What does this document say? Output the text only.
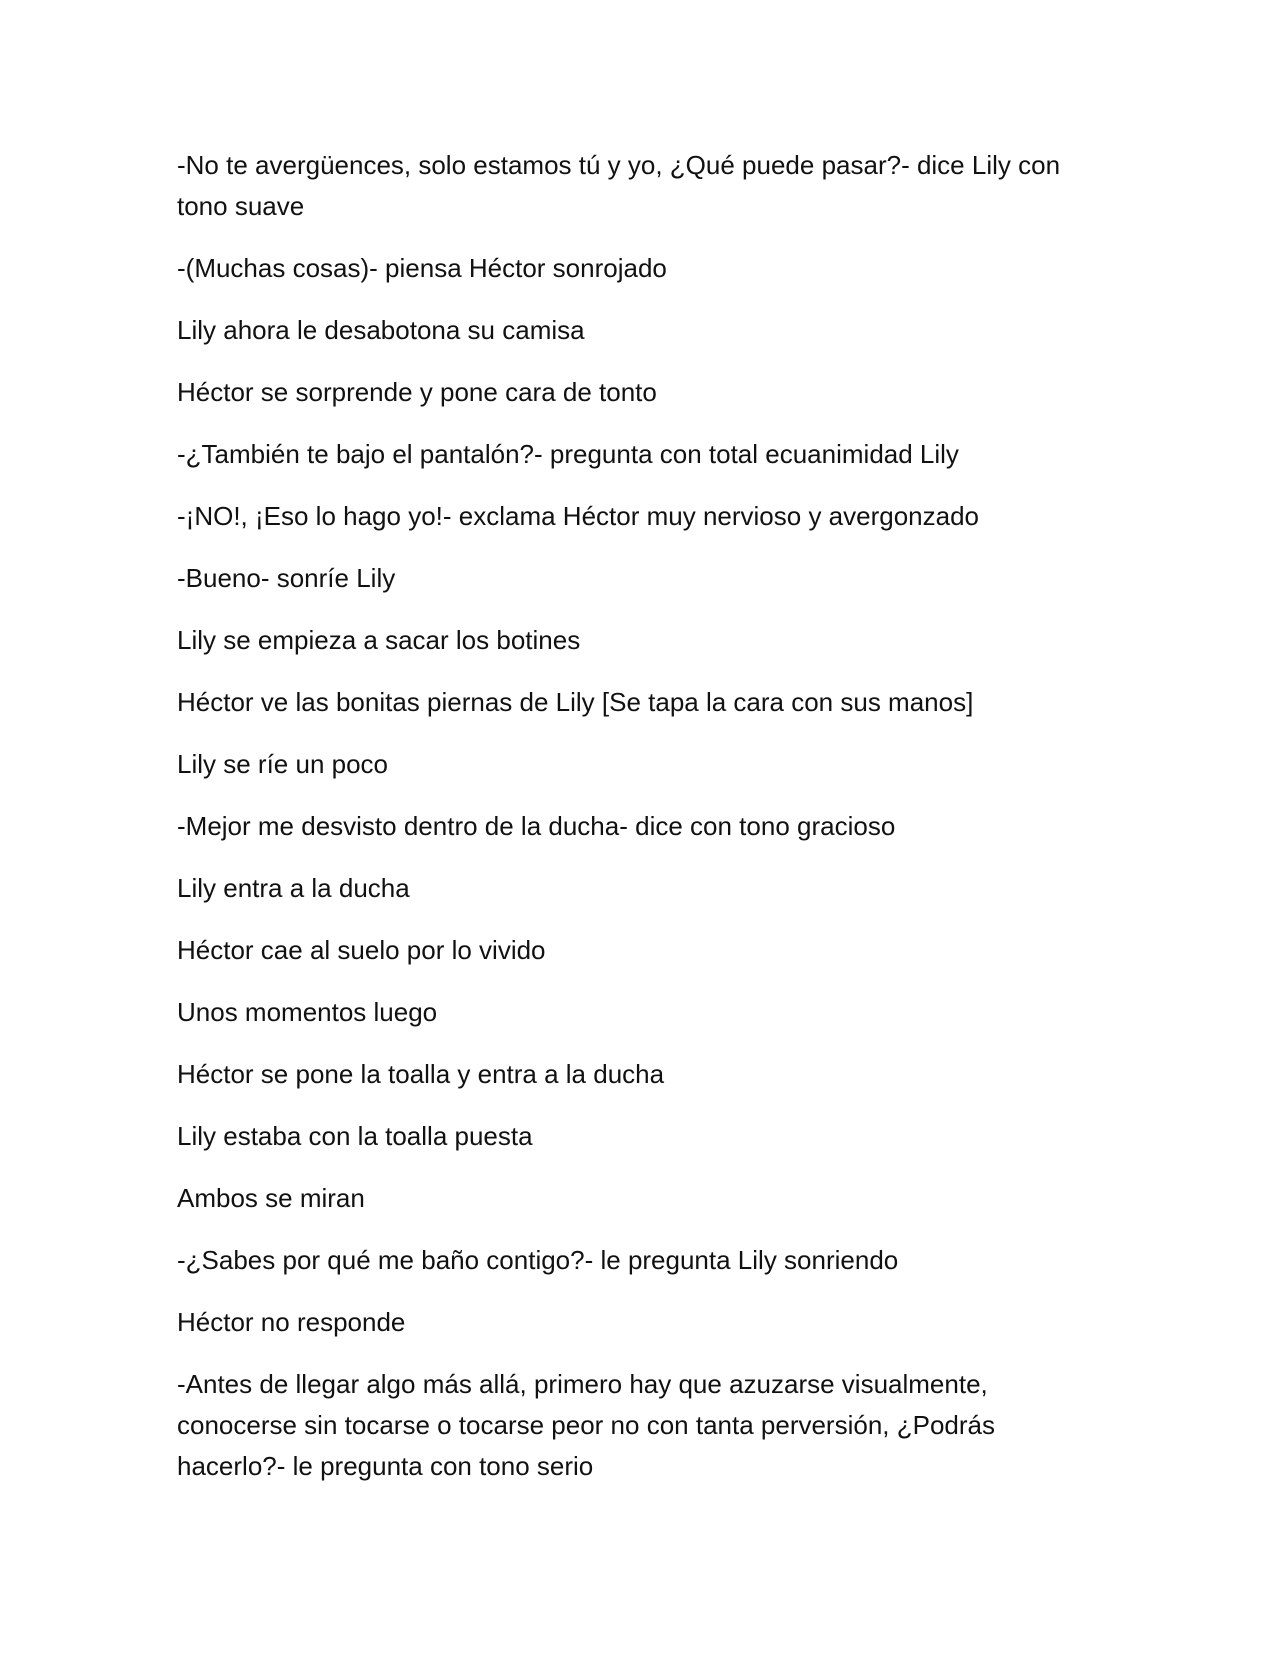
-No te avergüences, solo estamos tú y yo, ¿Qué puede pasar?- dice Lily con tono suave

-(Muchas cosas)- piensa Héctor sonrojado

Lily ahora le desabotona su camisa

Héctor se sorprende y pone cara de tonto

-¿También te bajo el pantalón?- pregunta con total ecuanimidad Lily

-¡NO!, ¡Eso lo hago yo!- exclama Héctor muy nervioso y avergonzado

-Bueno- sonríe Lily

Lily se empieza a sacar los botines

Héctor ve las bonitas piernas de Lily [Se tapa la cara con sus manos]

Lily se ríe un poco

-Mejor me desvisto dentro de la ducha- dice con tono gracioso

Lily entra a la ducha

Héctor cae al suelo por lo vivido

Unos momentos luego

Héctor se pone la toalla y entra a la ducha

Lily estaba con la toalla puesta

Ambos se miran

-¿Sabes por qué me baño contigo?- le pregunta Lily sonriendo

Héctor no responde

-Antes de llegar algo más allá, primero hay que azuzarse visualmente, conocerse sin tocarse o tocarse peor no con tanta perversión, ¿Podrás hacerlo?- le pregunta con tono serio
